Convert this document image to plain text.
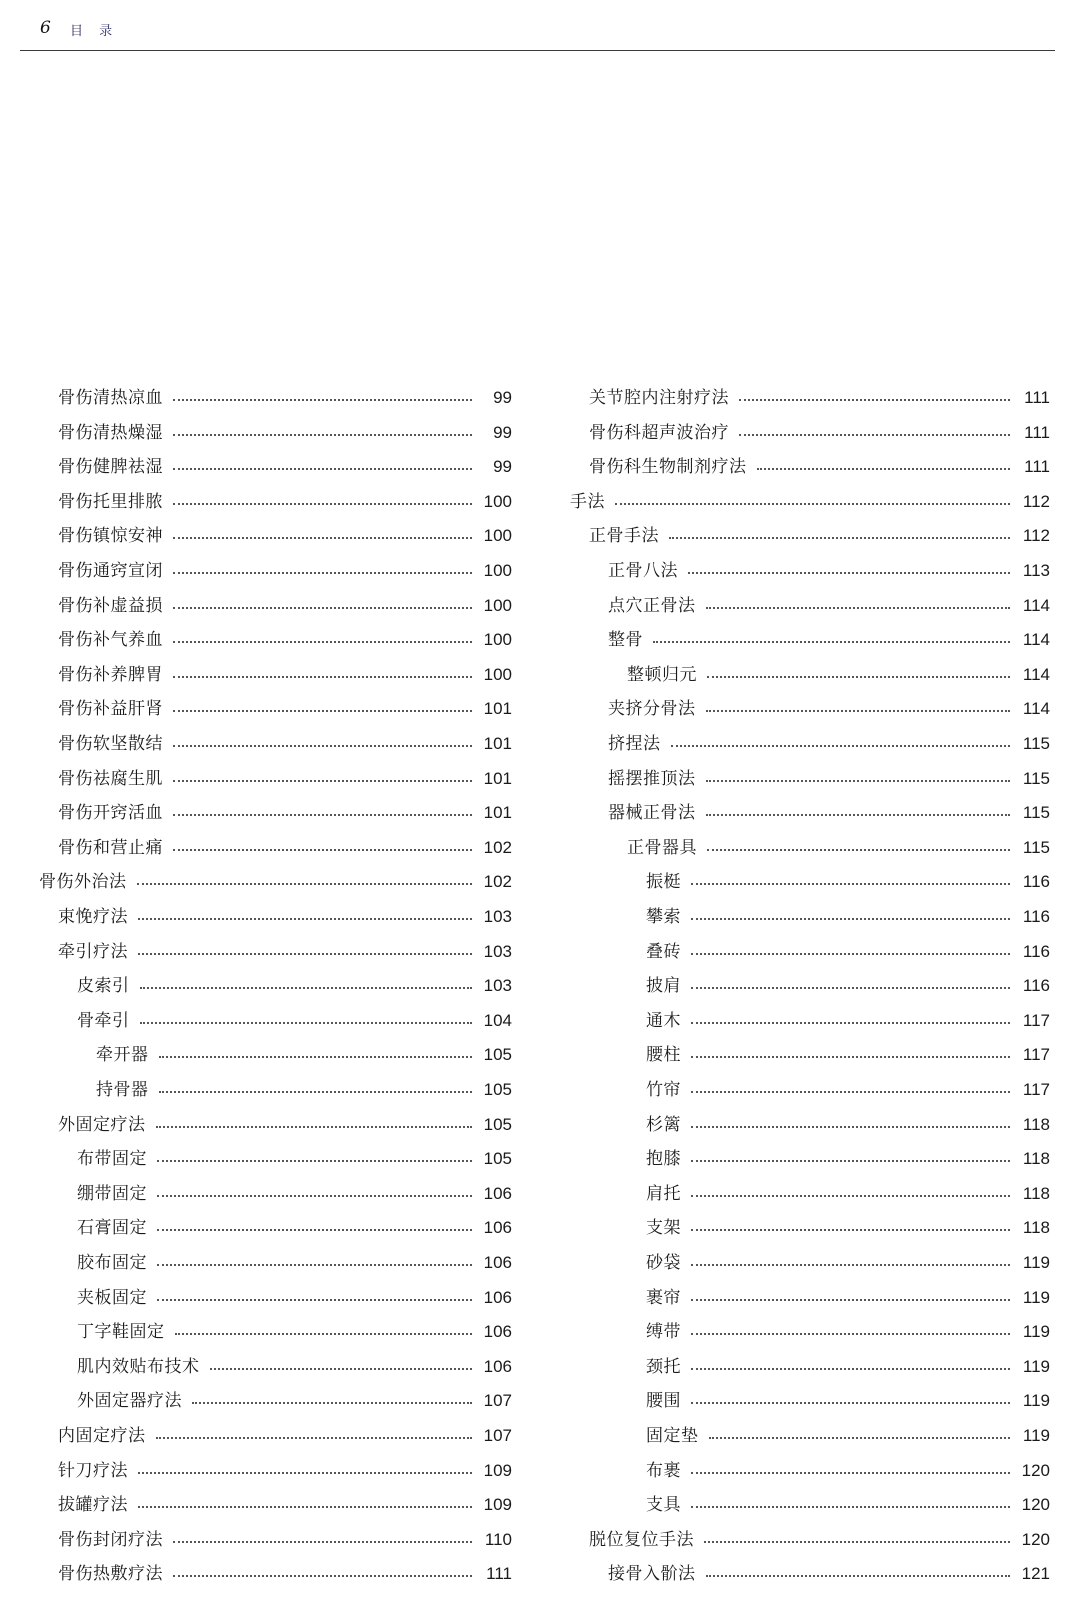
6 目 录
骨伤清热凉血	99
骨伤清热燥湿	99
骨伤健脾祛湿	99
骨伤托里排脓	100
骨伤镇惊安神	100
骨伤通窍宣闭	100
骨伤补虚益损	100
骨伤补气养血	100
骨伤补养脾胃	100
骨伤补益肝肾	101
骨伤软坚散结	101
骨伤祛腐生肌	101
骨伤开窍活血	101
骨伤和营止痛	102
骨伤外治法	102
束悗疗法	103
牵引疗法	103
皮索引	103
骨牵引	104
牵开器	105
持骨器	105
外固定疗法	105
布带固定	105
绷带固定	106
石膏固定	106
胶布固定	106
夹板固定	106
丁字鞋固定	106
肌内效贴布技术	106
外固定器疗法	107
内固定疗法	107
针刀疗法	109
拔罐疗法	109
骨伤封闭疗法	110
骨伤热敷疗法	111
关节腔内注射疗法	111
骨伤科超声波治疗	111
骨伤科生物制剂疗法	111
手法	112
正骨手法	112
正骨八法	113
点穴正骨法	114
整骨	114
整顿归元	114
夹挤分骨法	114
挤捏法	115
摇摆推顶法	115
器械正骨法	115
正骨器具	115
振梃	116
攀索	116
叠砖	116
披肩	116
通木	117
腰柱	117
竹帘	117
杉篱	118
抱膝	118
肩托	118
支架	118
砂袋	119
裹帘	119
缚带	119
颈托	119
腰围	119
固定垫	119
布裹	120
支具	120
脱位复位手法	120
接骨入骱法	121
